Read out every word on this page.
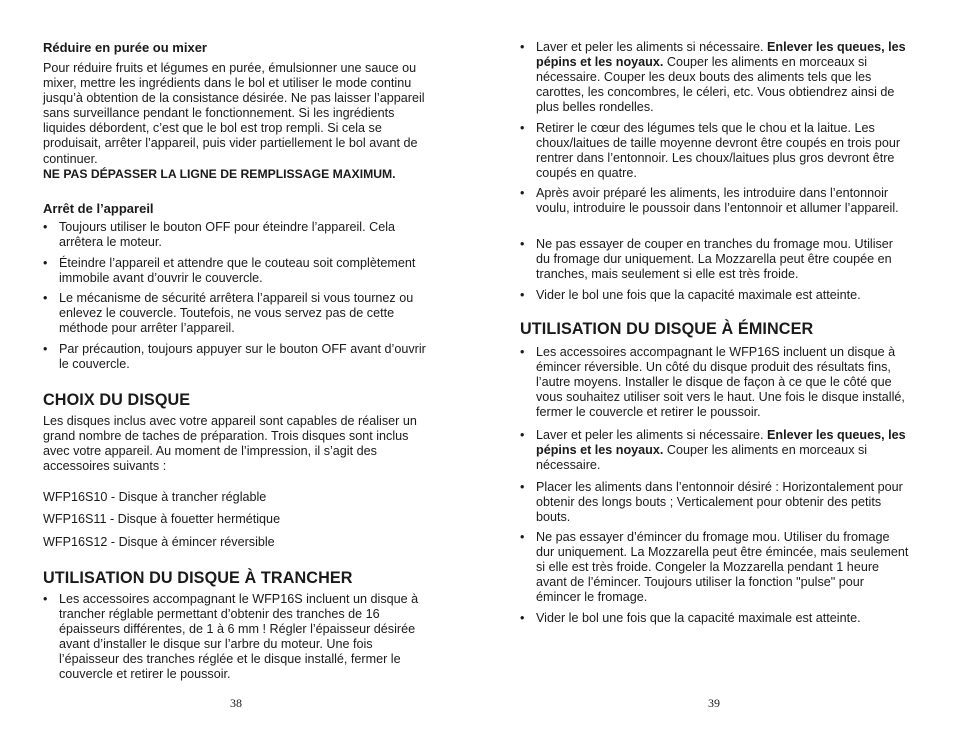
Réduire en purée ou mixer
Pour réduire fruits et légumes en purée, émulsionner une sauce ou mixer, mettre les ingrédients dans le bol et utiliser le mode continu jusqu’à obtention de la consistance désirée. Ne pas laisser l’appareil sans surveillance pendant le fonctionnement. Si les ingrédients liquides débordent, c’est que le bol est trop rempli. Si cela se produisait, arrêter l’appareil, puis vider partiellement le bol avant de continuer.
NE PAS DÉPASSER LA LIGNE DE REMPLISSAGE MAXIMUM.
Arrêt de l’appareil
• Toujours utiliser le bouton OFF pour éteindre l’appareil. Cela arrêtera le moteur.
• Éteindre l’appareil et attendre que le couteau soit complètement immobile avant d’ouvrir le couvercle.
• Le mécanisme de sécurité arrêtera l’appareil si vous tournez ou enlevez le couvercle. Toutefois, ne vous servez pas de cette méthode pour arrêter l’appareil.
• Par précaution, toujours appuyer sur le bouton OFF avant d’ouvrir le couvercle.
CHOIX DU DISQUE
Les disques inclus avec votre appareil sont capables de réaliser un grand nombre de taches de préparation. Trois disques sont inclus avec votre appareil. Au moment de l’impression, il s’agit des accessoires suivants :
WFP16S10 - Disque à trancher réglable
WFP16S11 - Disque à fouetter hermétique
WFP16S12 - Disque à émincer réversible
UTILISATION DU DISQUE À TRANCHER
• Les accessoires accompagnant le WFP16S incluent un disque à trancher réglable permettant d’obtenir des tranches de 16 épaisseurs différentes, de 1 à 6 mm ! Régler l’épaisseur désirée avant d’installer le disque sur l’arbre du moteur. Une fois l’épaisseur des tranches réglée et le disque installé, fermer le couvercle et retirer le poussoir.
38
• Laver et peler les aliments si nécessaire. Enlever les queues, les pépins et les noyaux. Couper les aliments en morceaux si nécessaire. Couper les deux bouts des aliments tels que les carottes, les concombres, le céleri, etc. Vous obtiendrez ainsi de plus belles rondelles.
• Retirer le cœur des légumes tels que le chou et la laitue. Les choux/laitues de taille moyenne devront être coupés en trois pour rentrer dans l’entonnoir. Les choux/laitues plus gros devront être coupés en quatre.
• Après avoir préparé les aliments, les introduire dans l’entonnoir voulu, introduire le poussoir dans l’entonnoir et allumer l’appareil.
• Ne pas essayer de couper en tranches du fromage mou. Utiliser du fromage dur uniquement. La Mozzarella peut être coupée en tranches, mais seulement si elle est très froide.
• Vider le bol une fois que la capacité maximale est atteinte.
UTILISATION DU DISQUE À ÉMINCER
• Les accessoires accompagnant le WFP16S incluent un disque à émincer réversible. Un côté du disque produit des résultats fins, l’autre moyens. Installer le disque de façon à ce que le côté que vous souhaitez utiliser soit vers le haut. Une fois le disque installé, fermer le couvercle et retirer le poussoir.
• Laver et peler les aliments si nécessaire. Enlever les queues, les pépins et les noyaux. Couper les aliments en morceaux si nécessaire.
• Placer les aliments dans l’entonnoir désiré : Horizontalement pour obtenir des longs bouts ; Verticalement pour obtenir des petits bouts.
• Ne pas essayer d’émincer du fromage mou. Utiliser du fromage dur uniquement. La Mozzarella peut être émincée, mais seulement si elle est très froide. Congeler la Mozzarella pendant 1 heure avant de l’émincer. Toujours utiliser la fonction "pulse" pour émincer le fromage.
• Vider le bol une fois que la capacité maximale est atteinte.
39
